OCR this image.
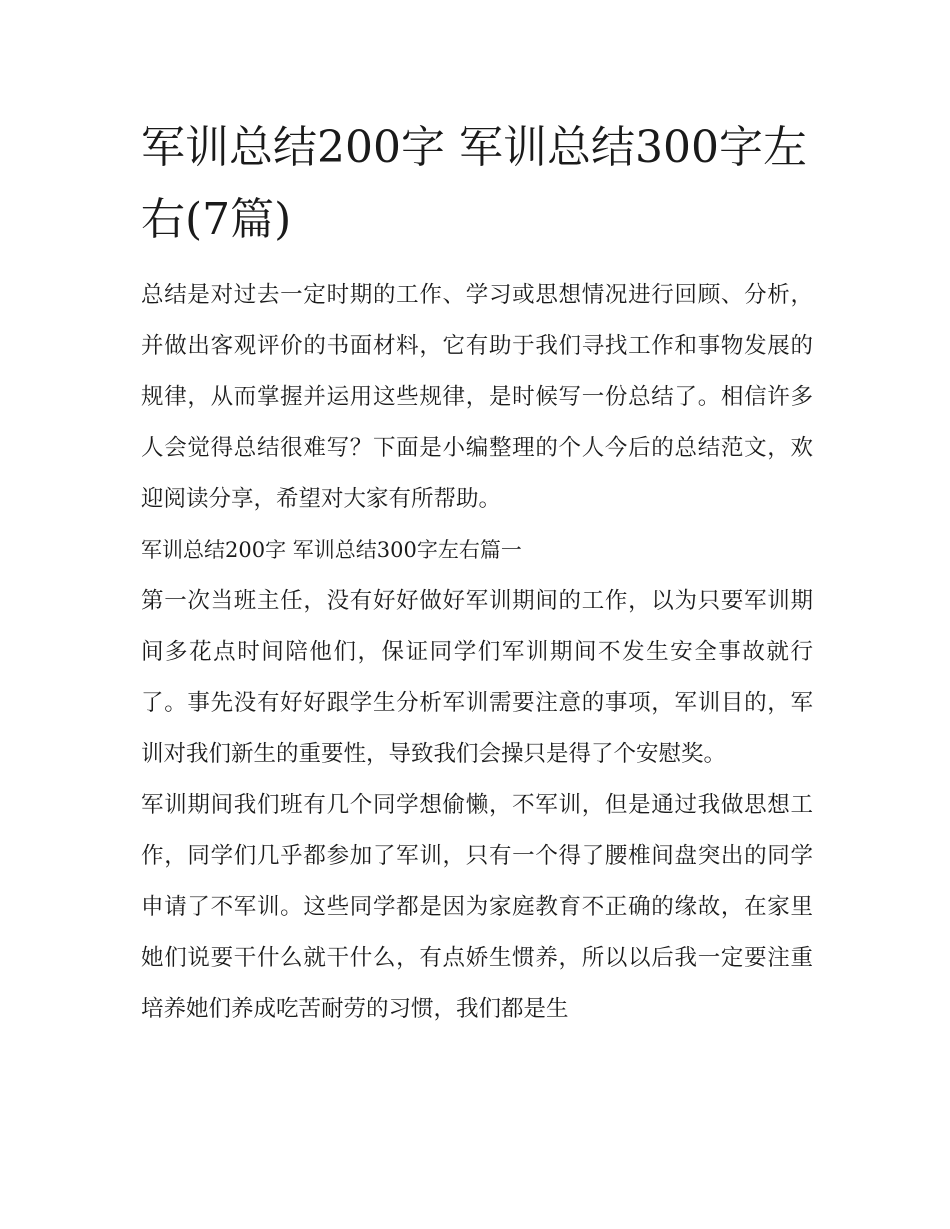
军训总结200字 军训总结300字左右(7篇)

总结是对过去一定时期的工作、学习或思想情况进行回顾、分析，并做出客观评价的书面材料，它有助于我们寻找工作和事物发展的规律，从而掌握并运用这些规律，是时候写一份总结了。相信许多人会觉得总结很难写？下面是小编整理的个人今后的总结范文，欢迎阅读分享，希望对大家有所帮助。

军训总结200字 军训总结300字左右篇一

第一次当班主任，没有好好做好军训期间的工作，以为只要军训期间多花点时间陪他们，保证同学们军训期间不发生安全事故就行了。事先没有好好跟学生分析军训需要注意的事项，军训目的，军训对我们新生的重要性，导致我们会操只是得了个安慰奖。

军训期间我们班有几个同学想偷懒，不军训，但是通过我做思想工作，同学们几乎都参加了军训，只有一个得了腰椎间盘突出的同学申请了不军训。这些同学都是因为家庭教育不正确的缘故，在家里她们说要干什么就干什么，有点娇生惯养，所以以后我一定要注重培养她们养成吃苦耐劳的习惯，我们都是生
